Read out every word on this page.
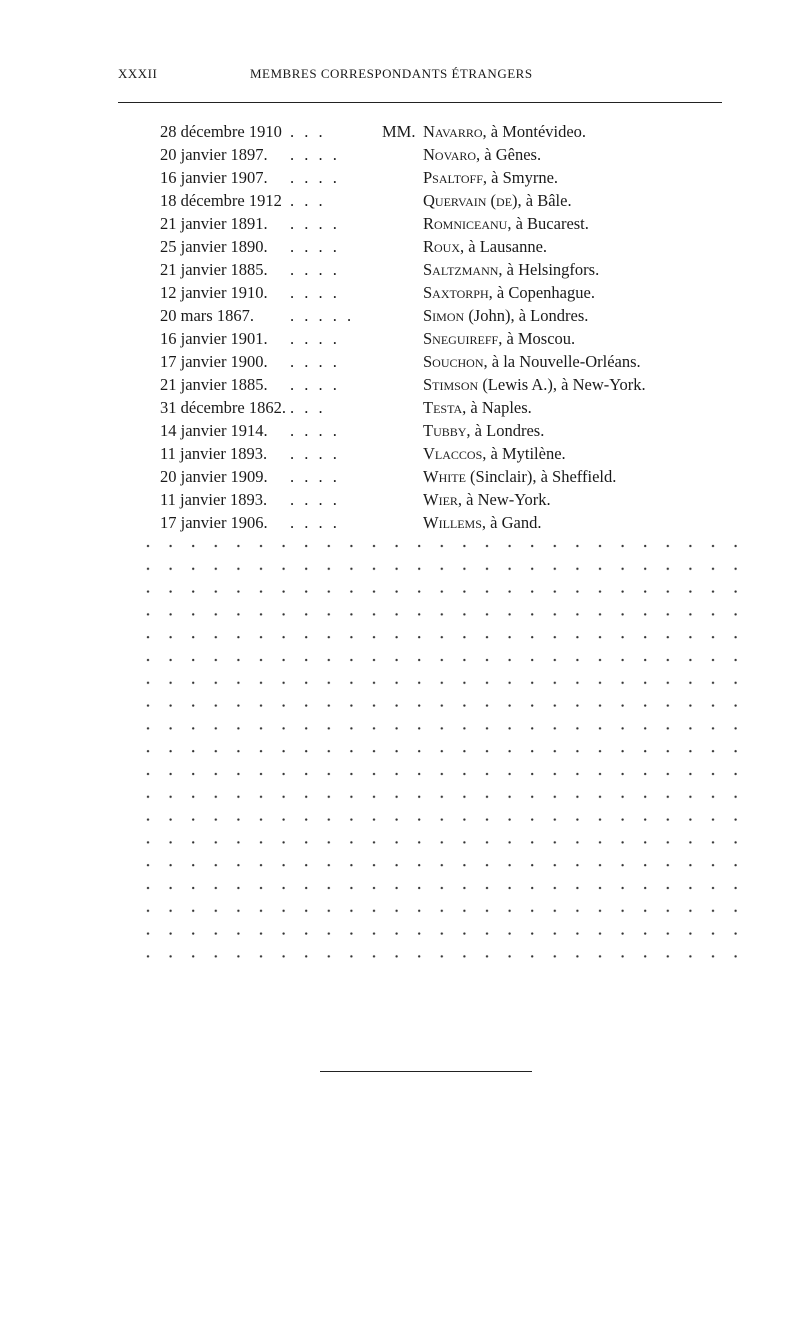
XXXII	MEMBRES CORRESPONDANTS ÉTRANGERS
28 décembre 1910 . . .	MM. Navarro, à Montévideo.
20 janvier 1897. . . . .	Novaro, à Gênes.
16 janvier 1907. . . . .	Psaltoff, à Smyrne.
18 décembre 1912 . . .	Quervain (de), à Bâle.
21 janvier 1891. . . . .	Romniceanu, à Bucarest.
25 janvier 1890. . . . .	Roux, à Lausanne.
21 janvier 1885. . . . .	Saltzmann, à Helsingfors.
12 janvier 1910. . . . .	Saxtorph, à Copenhague.
20 mars 1867. . . . . .	Simon (John), à Londres.
16 janvier 1901. . . . .	Sneguireff, à Moscou.
17 janvier 1900. . . . .	Souchon, à la Nouvelle-Orléans.
21 janvier 1885. . . . .	Stimson (Lewis A.), à New-York.
31 décembre 1862. . . .	Testa, à Naples.
14 janvier 1914. . . . .	Tubby, à Londres.
11 janvier 1893. . . . .	Vlaccos, à Mytilène.
20 janvier 1909. . . . .	White (Sinclair), à Sheffield.
11 janvier 1893. . . . .	Wier, à New-York.
17 janvier 1906. . . . .	Willems, à Gand.
